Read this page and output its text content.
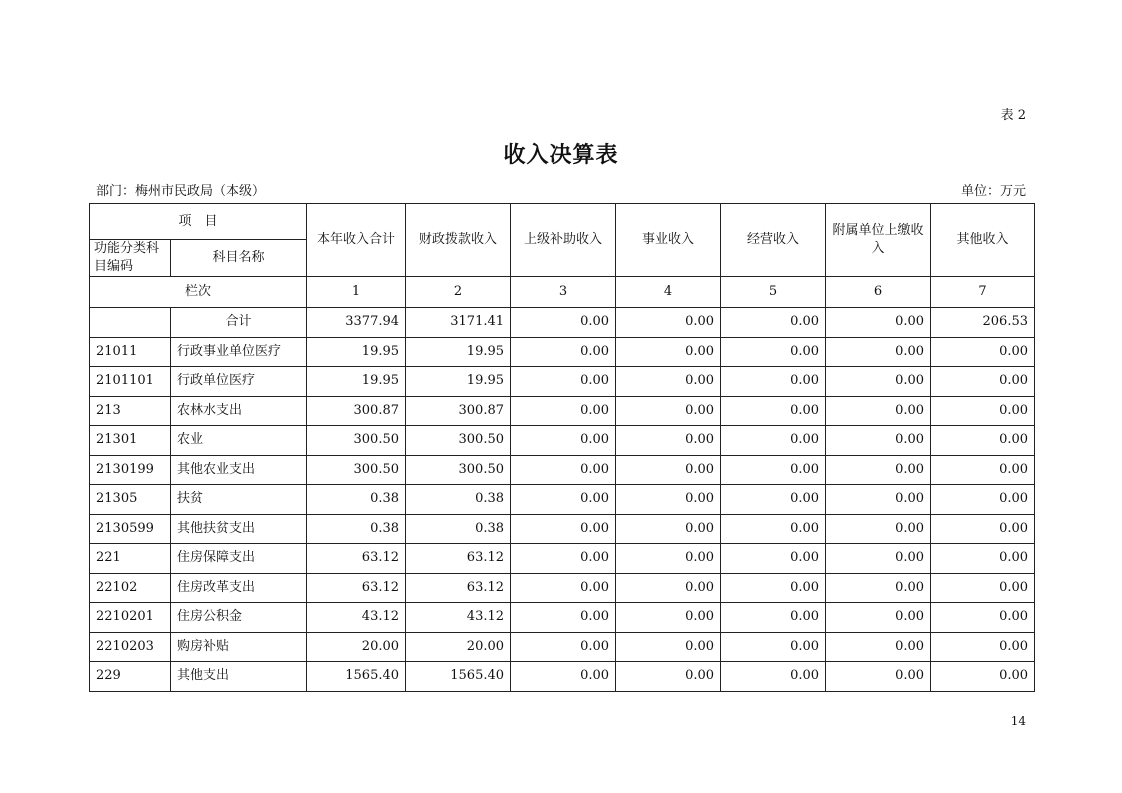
表 2
收入决算表
部门：梅州市民政局（本级）	单位：万元
项　目		本年收入合计	财政拨款收入	上级补助收入	事业收入	经营收入	附属单位上缴收入	其他收入
功能分类科目编码	科目名称							
栏次		1	2	3	4	5	6	7
	合计	3377.94	3171.41	0.00	0.00	0.00	0.00	206.53
21011	行政事业单位医疗	19.95	19.95	0.00	0.00	0.00	0.00	0.00
2101101	行政单位医疗	19.95	19.95	0.00	0.00	0.00	0.00	0.00
213	农林水支出	300.87	300.87	0.00	0.00	0.00	0.00	0.00
21301	农业	300.50	300.50	0.00	0.00	0.00	0.00	0.00
2130199	其他农业支出	300.50	300.50	0.00	0.00	0.00	0.00	0.00
21305	扶贫	0.38	0.38	0.00	0.00	0.00	0.00	0.00
2130599	其他扶贫支出	0.38	0.38	0.00	0.00	0.00	0.00	0.00
221	住房保障支出	63.12	63.12	0.00	0.00	0.00	0.00	0.00
22102	住房改革支出	63.12	63.12	0.00	0.00	0.00	0.00	0.00
2210201	住房公积金	43.12	43.12	0.00	0.00	0.00	0.00	0.00
2210203	购房补贴	20.00	20.00	0.00	0.00	0.00	0.00	0.00
229	其他支出	1565.40	1565.40	0.00	0.00	0.00	0.00	0.00
14
